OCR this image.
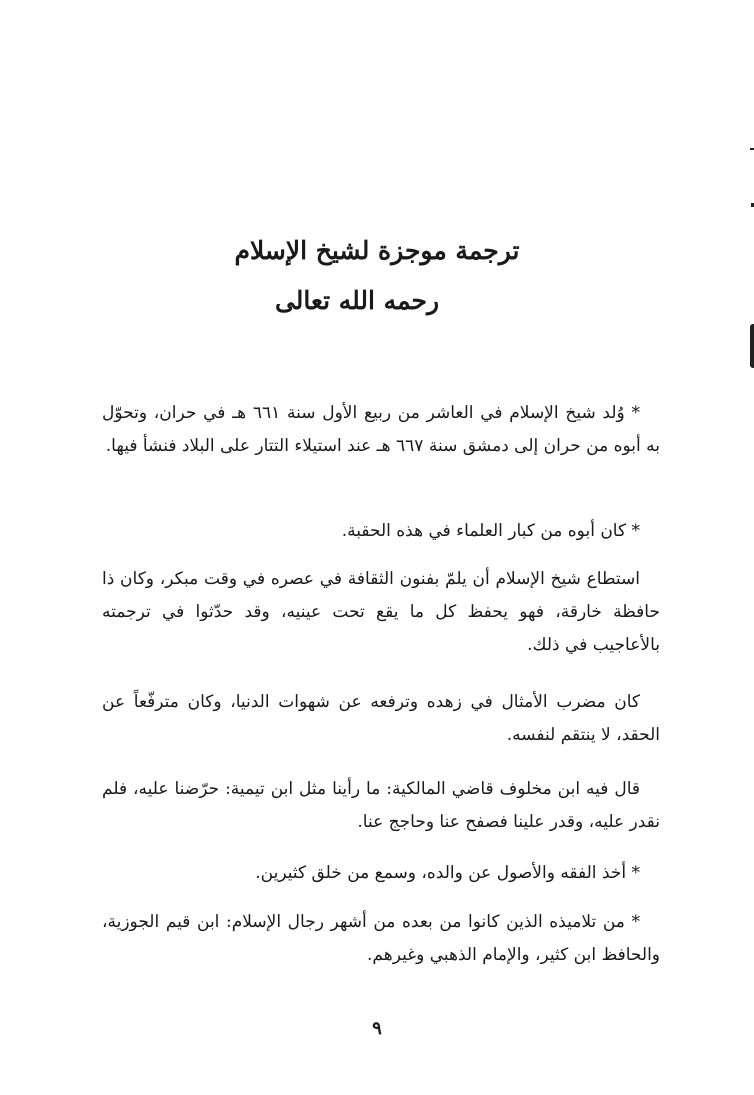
ترجمة موجزة لشيخ الإسلام

رحمه الله تعالى

* وُلد شيخ الإسلام في العاشر من ربيع الأول سنة ٦٦١ هـ في حران، وتحوّل به أبوه من حران إلى دمشق سنة ٦٦٧ هـ عند استيلاء التتار على البلاد فنشأ فيها.

* كان أبوه من كبار العلماء في هذه الحقبة.

استطاع شيخ الإسلام أن يلمّ بفنون الثقافة في عصره في وقت مبكر، وكان ذا حافظة خارقة، فهو يحفظ كل ما يقع تحت عينيه، وقد حدّثوا في ترجمته بالأعاجيب في ذلك.

كان مضرب الأمثال في زهده وترفعه عن شهوات الدنيا، وكان مترفّعاً عن الحقد، لا ينتقم لنفسه.

قال فيه ابن مخلوف قاضي المالكية: ما رأينا مثل ابن تيمية: حرّضنا عليه، فلم نقدر عليه، وقدر علينا فصفح عنا وحاجج عنا.

* أخذ الفقه والأصول عن والده، وسمع من خلق كثيرين.

* من تلاميذه الذين كانوا من بعده من أشهر رجال الإسلام: ابن قيم الجوزية، والحافظ ابن كثير، والإمام الذهبي وغيرهم.

٩
